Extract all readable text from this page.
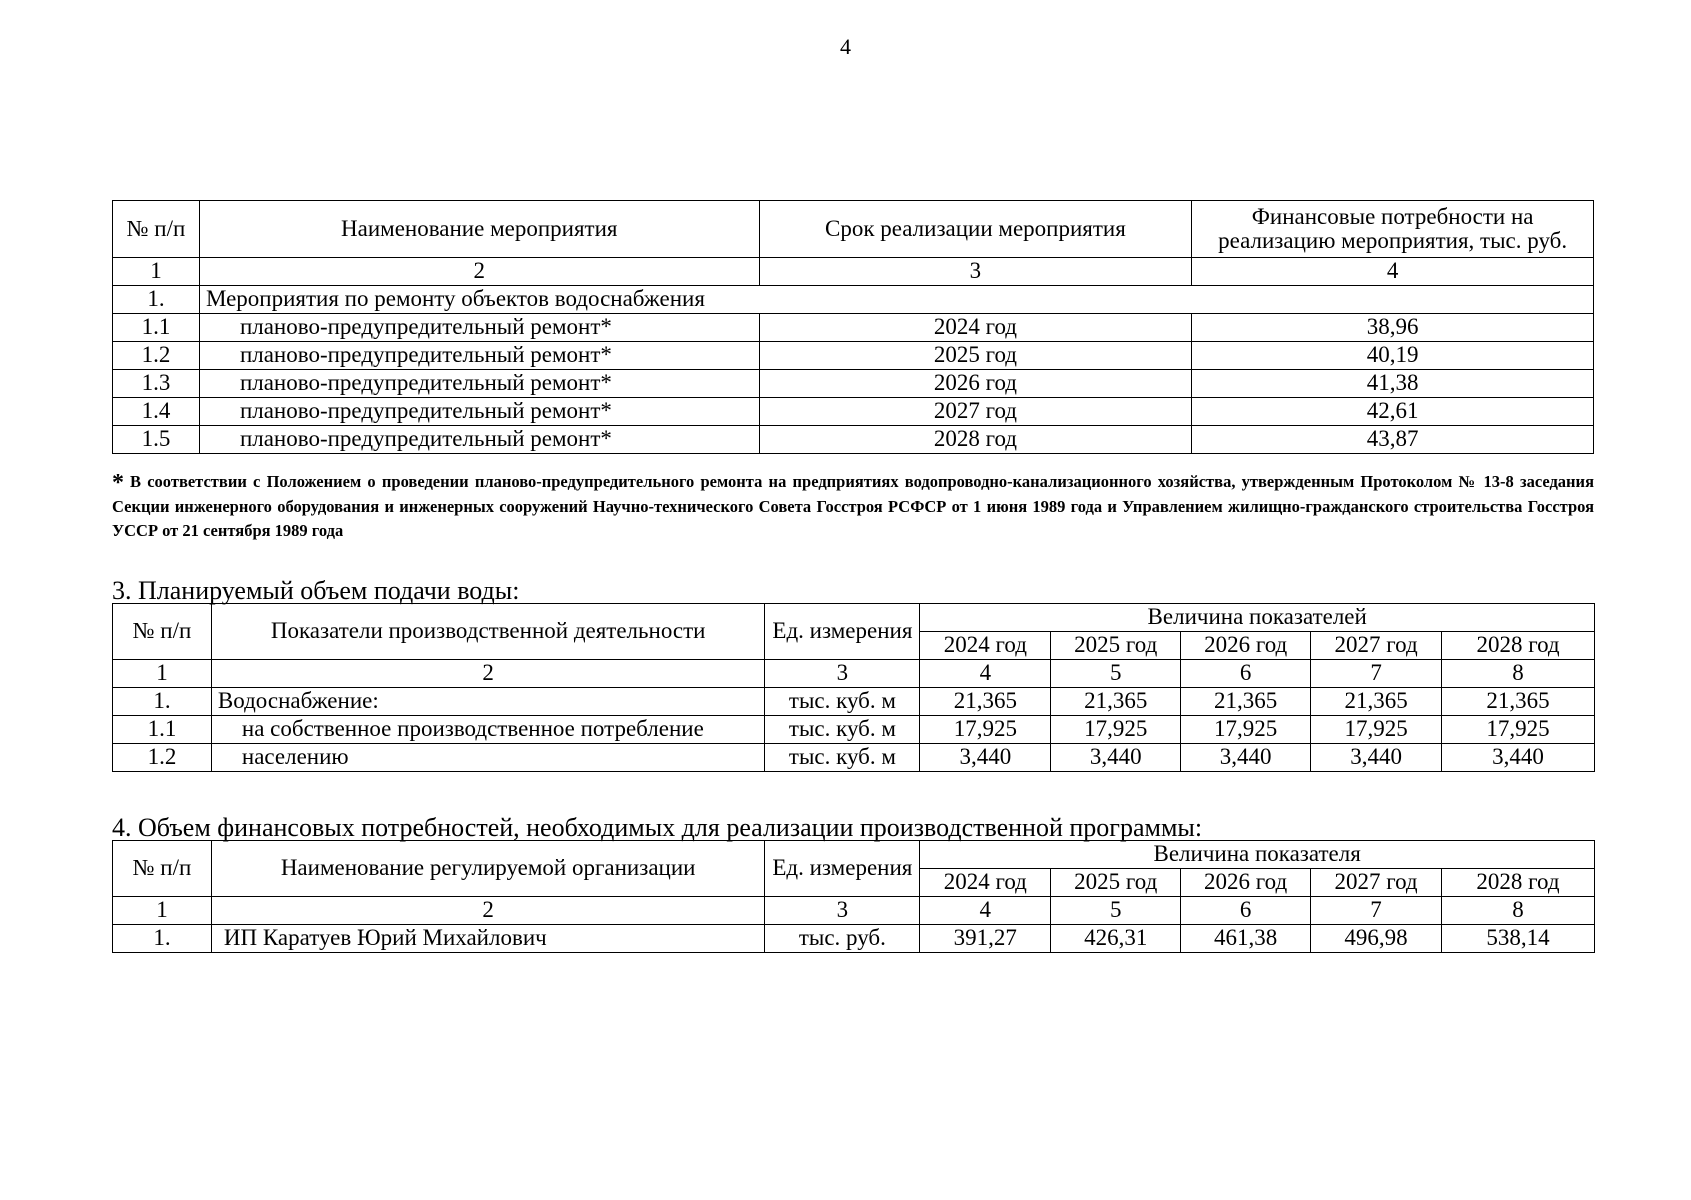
4
№ п/п	Наименование мероприятия	Срок реализации мероприятия	Финансовые потребности на реализацию мероприятия, тыс. руб.
1	2	3	4
1.	Мероприятия по ремонту объектов водоснабжения		
1.1	планово-предупредительный ремонт*	2024 год	38,96
1.2	планово-предупредительный ремонт*	2025 год	40,19
1.3	планово-предупредительный ремонт*	2026 год	41,38
1.4	планово-предупредительный ремонт*	2027 год	42,61
1.5	планово-предупредительный ремонт*	2028 год	43,87
* В соответствии с Положением о проведении планово-предупредительного ремонта на предприятиях водопроводно-канализационного хозяйства, утвержденным Протоколом № 13-8 заседания Секции инженерного оборудования и инженерных сооружений Научно-технического Совета Госстроя РСФСР от 1 июня 1989 года и Управлением жилищно-гражданского строительства Госстроя УССР от 21 сентября 1989 года
3. Планируемый объем подачи воды:
№ п/п	Показатели производственной деятельности	Ед. измерения	Величина показателей				
			2024 год	2025 год	2026 год	2027 год	2028 год
1	2	3	4	5	6	7	8
1.	Водоснабжение:	тыс. куб. м	21,365	21,365	21,365	21,365	21,365
1.1	на собственное производственное потребление	тыс. куб. м	17,925	17,925	17,925	17,925	17,925
1.2	населению	тыс. куб. м	3,440	3,440	3,440	3,440	3,440
4. Объем финансовых потребностей, необходимых для реализации производственной программы:
№ п/п	Наименование регулируемой организации	Ед. измерения	Величина показателя				
			2024 год	2025 год	2026 год	2027 год	2028 год
1	2	3	4	5	6	7	8
1.	ИП Каратуев Юрий Михайлович	тыс. руб.	391,27	426,31	461,38	496,98	538,14
